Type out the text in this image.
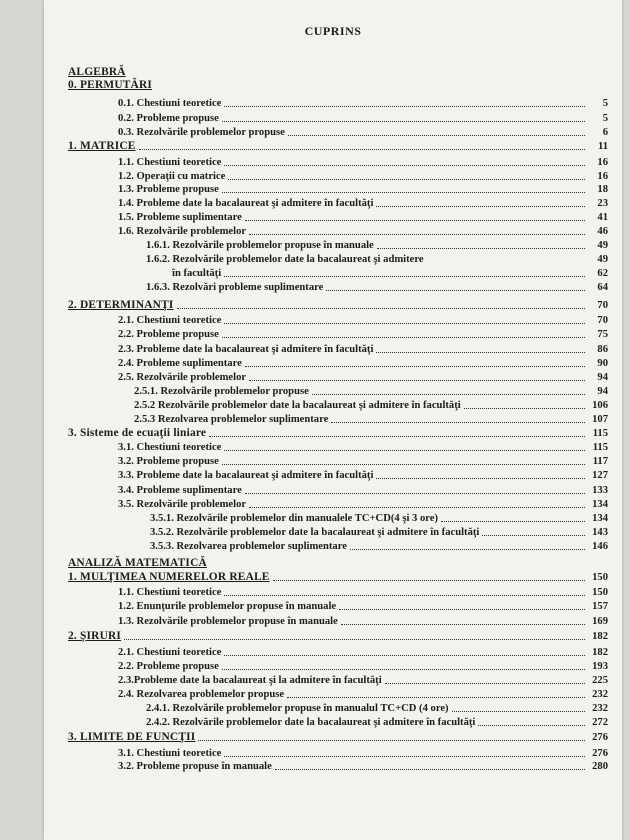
CUPRINS
ALGEBRĂ
0. PERMUTĂRI
0.1. Chestiuni teoretice	5
0.2. Probleme propuse	5
0.3. Rezolvările problemelor propuse	6
1. MATRICE	11
1.1. Chestiuni teoretice	16
1.2. Operaţii cu matrice	16
1.3. Probleme propuse	18
1.4. Probleme date la bacalaureat şi admitere în facultăţi	23
1.5. Probleme suplimentare	41
1.6. Rezolvările problemelor	46
1.6.1. Rezolvările problemelor propuse în manuale	49
1.6.2. Rezolvările problemelor date la bacalaureat şi admitere	49
în facultăţi	62
1.6.3. Rezolvări probleme suplimentare	64
2. DETERMINANŢI	70
2.1. Chestiuni teoretice	70
2.2. Probleme propuse	75
2.3. Probleme date la bacalaureat şi admitere în facultăţi	86
2.4. Probleme suplimentare	90
2.5. Rezolvările problemelor	94
2.5.1. Rezolvările problemelor propuse	94
2.5.2 Rezolvările problemelor date la bacalaureat şi admitere în facultăţi	106
2.5.3 Rezolvarea problemelor suplimentare	107
3. Sisteme de ecuaţii liniare	115
3.1. Chestiuni teoretice	115
3.2. Probleme propuse	117
3.3. Probleme date la bacalaureat şi admitere în facultăţi	127
3.4. Probleme suplimentare	133
3.5. Rezolvările problemelor	134
3.5.1. Rezolvările problemelor din manualele TC+CD(4 şi 3 ore)	134
3.5.2. Rezolvările problemelor date la bacalaureat şi admitere în facultăţi	143
3.5.3. Rezolvarea problemelor suplimentare	146
ANALIZĂ MATEMATICĂ
1. MULŢIMEA NUMERELOR REALE	150
1.1. Chestiuni teoretice	150
1.2. Enunţurile problemelor propuse în manuale	157
1.3. Rezolvările problemelor propuse în manuale	169
2. ŞIRURI	182
2.1. Chestiuni teoretice	182
2.2. Probleme propuse	193
2.3.Probleme date la bacalaureat şi la admitere în facultăţi	225
2.4. Rezolvarea problemelor propuse	232
2.4.1. Rezolvările problemelor propuse în manualul TC+CD (4 ore)	232
2.4.2. Rezolvările problemelor date la bacalaureat şi admitere în facultăţi	272
3. LIMITE DE FUNCŢII	276
3.1. Chestiuni teoretice	276
3.2. Probleme propuse în manuale	280
